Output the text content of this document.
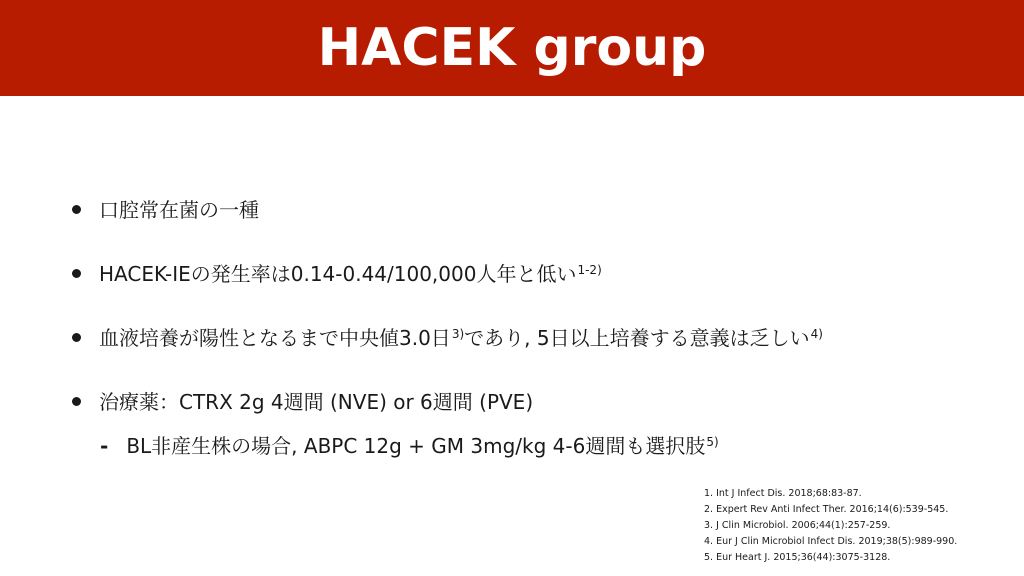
HACEK group
口腔常在菌の一種
HACEK-IEの発生率は0.14-0.44/100,000人年と低い 1-2)
血液培養が陽性となるまで中央値3.0日 3) であり, 5日以上培養する意義は乏しい 4)
治療薬：CTRX 2g 4週間 (NVE) or 6週間 (PVE)
- BL非産生株の場合, ABPC 12g + GM 3mg/kg 4-6週間も選択肢 5)
1. Int J Infect Dis. 2018;68:83-87.
2. Expert Rev Anti Infect Ther. 2016;14(6):539-545.
3. J Clin Microbiol. 2006;44(1):257-259.
4. Eur J Clin Microbiol Infect Dis. 2019;38(5):989-990.
5. Eur Heart J. 2015;36(44):3075-3128.
